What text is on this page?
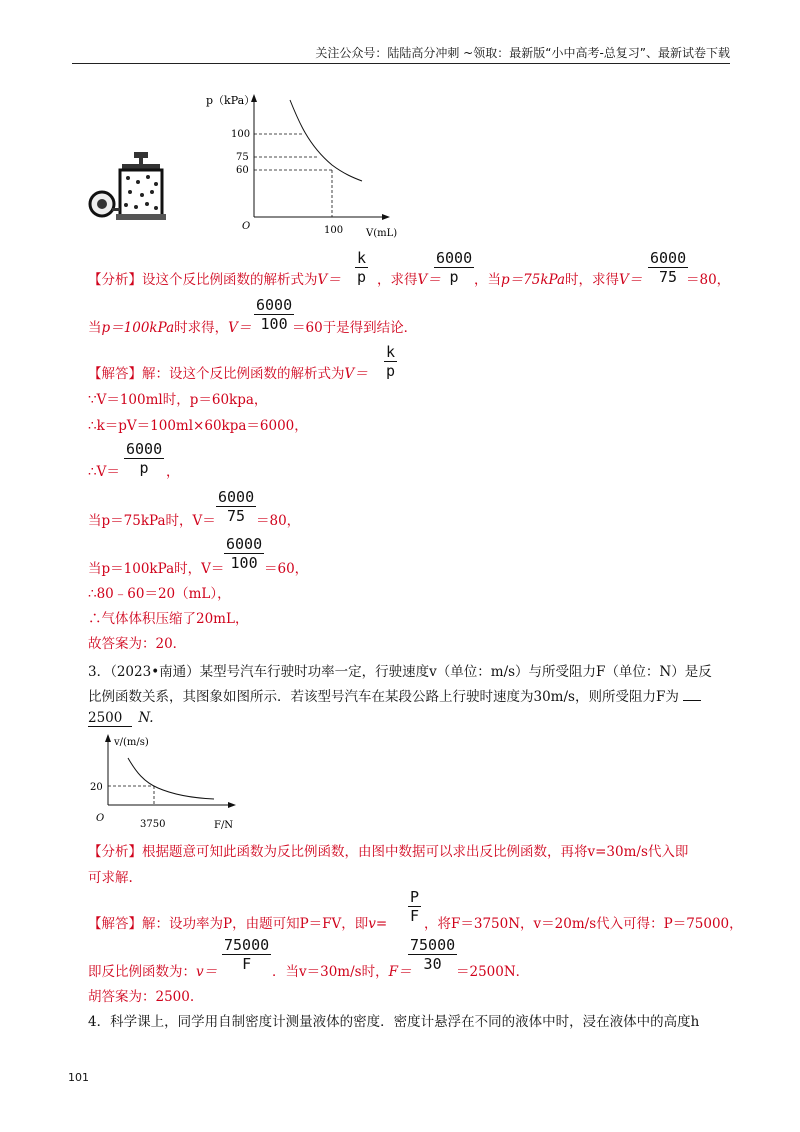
关注公众号：陆陆高分冲刺 ~领取：最新版“小中高考-总复习”、最新试卷下载
p（kPa）
V(mL)
O
100
75
60
100
【分析】设这个反比例函数的解析式为$V= \frac{k}{p}$ ，求得V＝
$\frac{6000}{p}$ ，当p＝75kPa时，求得$V= \frac{6000}{75}$
＝80，
当p＝100kPa时求得，$V= \frac{6000}{100}$
＝60于是得到结论．
【解答】解：设这个反比例函数的解析式为$V= \frac{k}{p}$
∵V＝100ml时，p＝60kpa，
∴k＝pV＝100ml×60kpa＝6000，
∴V＝ $\frac{6000}{p}$ ，
当p＝75kPa时，$V= \frac{6000}{75} =80$，
当p＝100kPa时，$V= \frac{6000}{100} =60$，
∴80﹣60＝20（mL），
∴气体体积压缩了20mL，
故答案为：20．
3．（2023•南通）某型号汽车行驶时功率一定，行驶速度v（单位：m/s）与所受阻力F（单位：N）是反
比例函数关系，其图象如图所示．若该型号汽车在某段公路上行驶时速度为30m/s，则所受阻力F为
2500 N.
v/(m/s)
F/N
O
20
3750
【分析】根据题意可知此函数为反比例函数，由图中数据可以求出反比例函数，再将v=30m/s代入即
可求解.
【解答】解：设功率为P，由题可知P＝FV，即$v= \frac{P}{F}$ ，将F＝3750N，v＝20m/s代入可得：P＝75000，
即反比例函数为：$v= \frac{75000}{F}$ ．当v＝30m/s时，F＝
$\frac{75000}{30}$
＝2500N．
胡答案为：2500.
4．科学课上，同学用自制密度计测量液体的密度．密度计悬浮在不同的液体中时，浸在液体中的高度h
101
